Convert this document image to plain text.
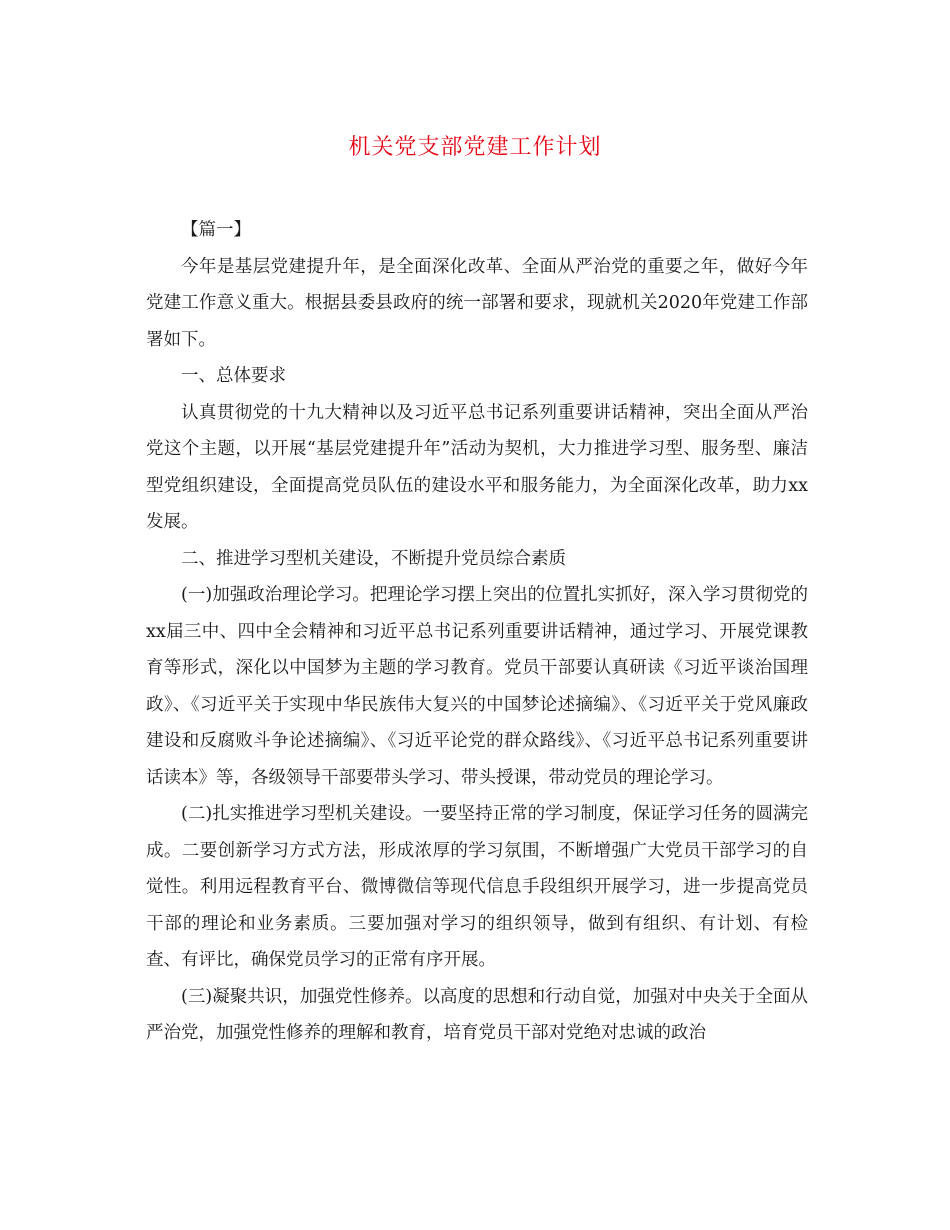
机关党支部党建工作计划

【篇一】

今年是基层党建提升年，是全面深化改革、全面从严治党的重要之年，做好今年党建工作意义重大。根据县委县政府的统一部署和要求，现就机关2020年党建工作部署如下。

一、总体要求

认真贯彻党的十九大精神以及习近平总书记系列重要讲话精神，突出全面从严治党这个主题，以开展“基层党建提升年”活动为契机，大力推进学习型、服务型、廉洁型党组织建设，全面提高党员队伍的建设水平和服务能力，为全面深化改革，助力xx发展。

二、推进学习型机关建设，不断提升党员综合素质

(一)加强政治理论学习。把理论学习摆上突出的位置扎实抓好，深入学习贯彻党的xx届三中、四中全会精神和习近平总书记系列重要讲话精神，通过学习、开展党课教育等形式，深化以中国梦为主题的学习教育。党员干部要认真研读《习近平谈治国理政》、《习近平关于实现中华民族伟大复兴的中国梦论述摘编》、《习近平关于党风廉政建设和反腐败斗争论述摘编》、《习近平论党的群众路线》、《习近平总书记系列重要讲话读本》等，各级领导干部要带头学习、带头授课，带动党员的理论学习。

(二)扎实推进学习型机关建设。一要坚持正常的学习制度，保证学习任务的圆满完成。二要创新学习方式方法，形成浓厚的学习氛围，不断增强广大党员干部学习的自觉性。利用远程教育平台、微博微信等现代信息手段组织开展学习，进一步提高党员干部的理论和业务素质。三要加强对学习的组织领导，做到有组织、有计划、有检查、有评比，确保党员学习的正常有序开展。

(三)凝聚共识，加强党性修养。以高度的思想和行动自觉，加强对中央关于全面从严治党，加强党性修养的理解和教育，培育党员干部对党绝对忠诚的政治
